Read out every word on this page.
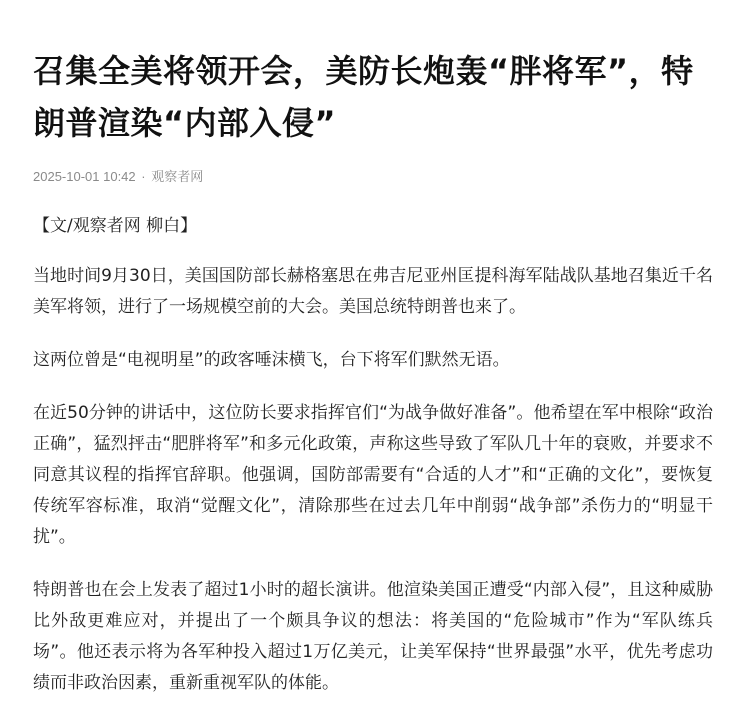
召集全美将领开会，美防长炮轰“胖将军”，特朗普渲染“内部入侵”
2025-10-01 10:42 · 观察者网

【文/观察者网 柳白】

当地时间9月30日，美国国防部长赫格塞思在弗吉尼亚州匡提科海军陆战队基地召集近千名美军将领，进行了一场规模空前的大会。美国总统特朗普也来了。

这两位曾是“电视明星”的政客唾沫横飞，台下将军们默然无语。

在近50分钟的讲话中，这位防长要求指挥官们“为战争做好准备”。他希望在军中根除“政治正确”，猛烈抨击“肥胖将军”和多元化政策，声称这些导致了军队几十年的衰败，并要求不同意其议程的指挥官辞职。他强调，国防部需要有“合适的人才”和“正确的文化”，要恢复传统军容标准，取消“觉醒文化”，清除那些在过去几年中削弱“战争部”杀伤力的“明显干扰”。

特朗普也在会上发表了超过1小时的超长演讲。他渲染美国正遭受“内部入侵”，且这种威胁比外敌更难应对，并提出了一个颇具争议的想法：将美国的“危险城市”作为“军队练兵场”。他还表示将为各军种投入超过1万亿美元，让美军保持“世界最强”水平，优先考虑功绩而非政治因素，重新重视军队的体能。
